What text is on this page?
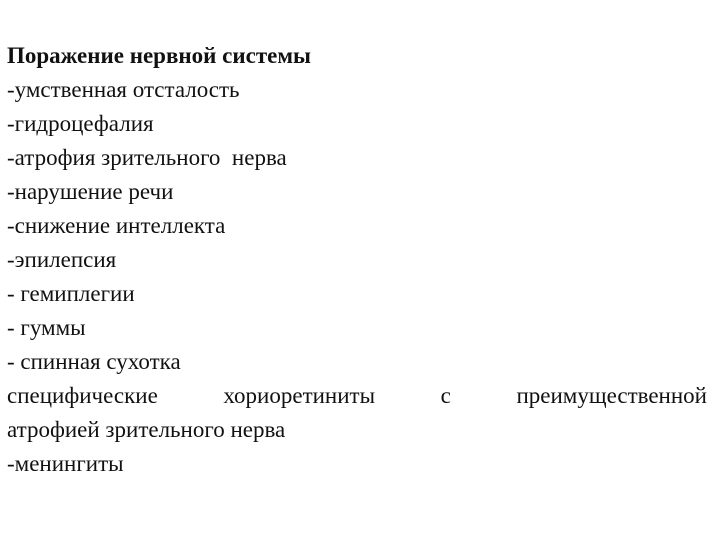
Поражение нервной системы
-умственная отсталость
-гидроцефалия
-атрофия зрительного  нерва
-нарушение речи
-снижение интеллекта
-эпилепсия
- гемиплегии
- гуммы
- спинная сухотка
специфические	хориоретиниты	с	преимущественной
атрофией зрительного нерва
-менингиты
